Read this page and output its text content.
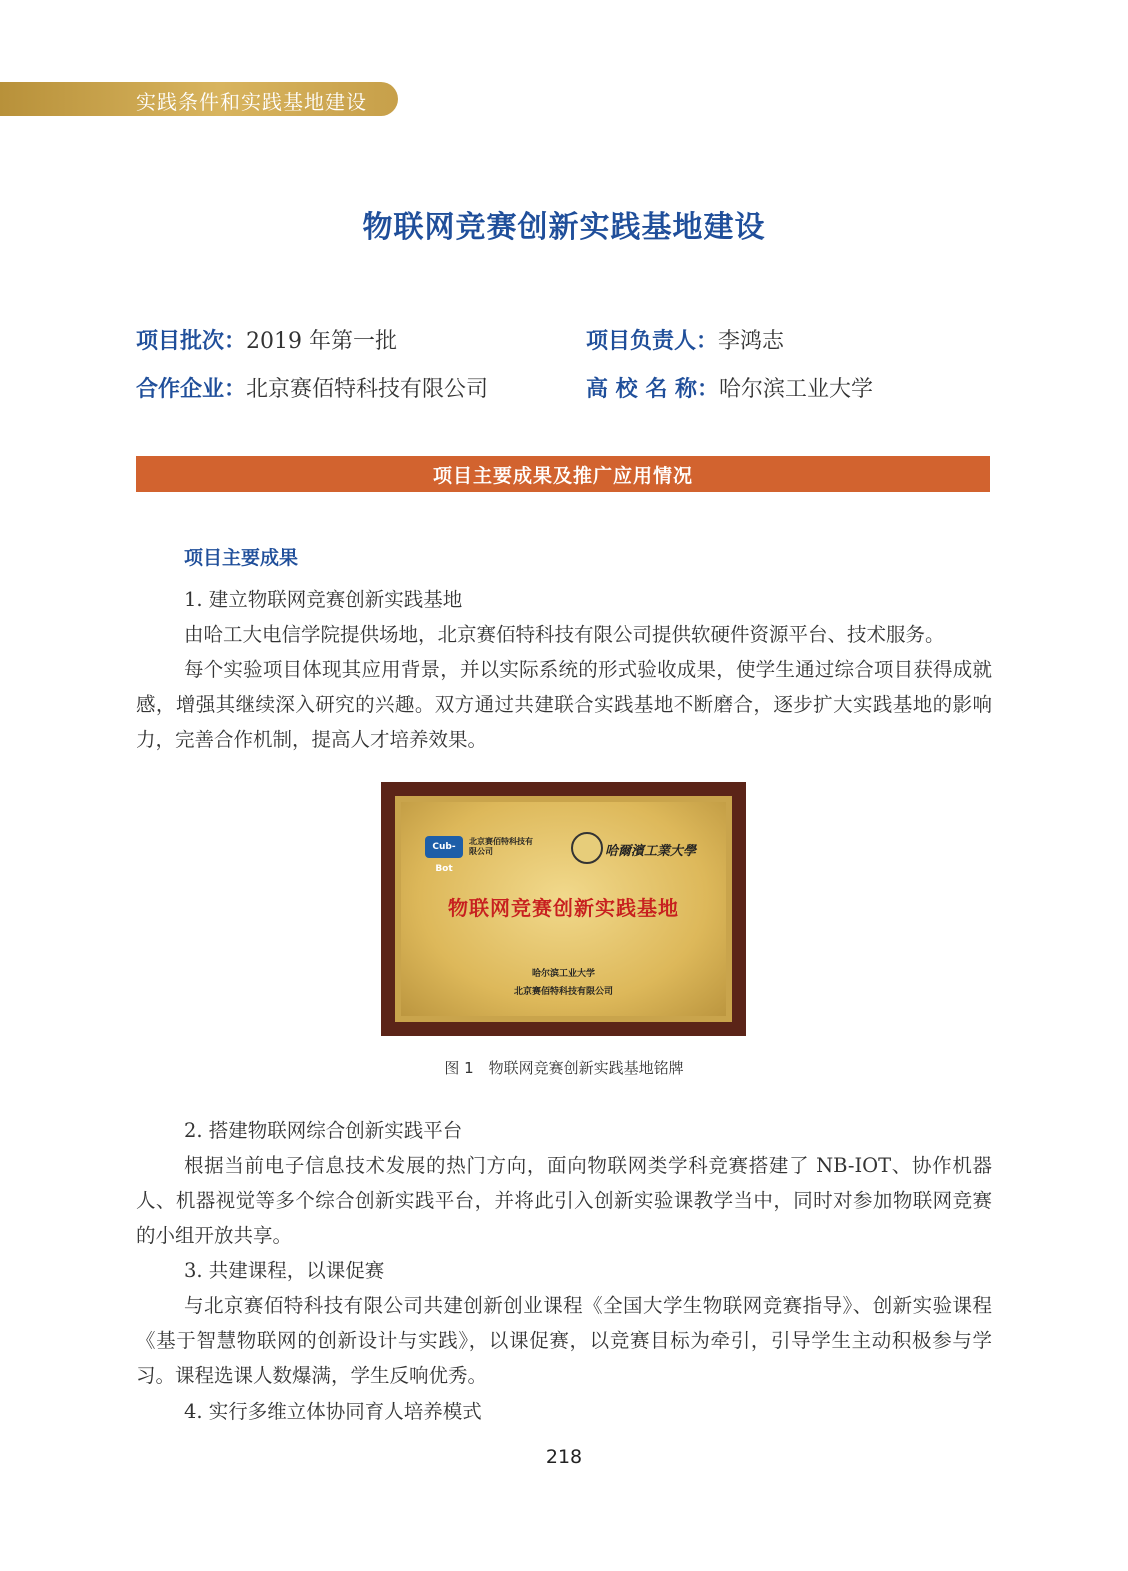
实践条件和实践基地建设
物联网竞赛创新实践基地建设
项目批次：2019 年第一批	项目负责人：李鸿志
合作企业：北京赛佰特科技有限公司	高 校 名 称：哈尔滨工业大学
项目主要成果及推广应用情况
项目主要成果
1. 建立物联网竞赛创新实践基地
由哈工大电信学院提供场地，北京赛佰特科技有限公司提供软硬件资源平台、技术服务。
每个实验项目体现其应用背景，并以实际系统的形式验收成果，使学生通过综合项目获得成就感，增强其继续深入研究的兴趣。双方通过共建联合实践基地不断磨合，逐步扩大实践基地的影响力，完善合作机制，提高人才培养效果。
Cub-Bot
北京赛佰特科技有限公司	哈爾濱工業大學
物联网竞赛创新实践基地
哈尔滨工业大学
北京赛佰特科技有限公司
图 1　物联网竞赛创新实践基地铭牌
2. 搭建物联网综合创新实践平台
根据当前电子信息技术发展的热门方向，面向物联网类学科竞赛搭建了 NB-IOT、协作机器人、机器视觉等多个综合创新实践平台，并将此引入创新实验课教学当中，同时对参加物联网竞赛的小组开放共享。
3. 共建课程，以课促赛
与北京赛佰特科技有限公司共建创新创业课程《全国大学生物联网竞赛指导》、创新实验课程《基于智慧物联网的创新设计与实践》，以课促赛，以竞赛目标为牵引，引导学生主动积极参与学习。课程选课人数爆满，学生反响优秀。
4. 实行多维立体协同育人培养模式
218
